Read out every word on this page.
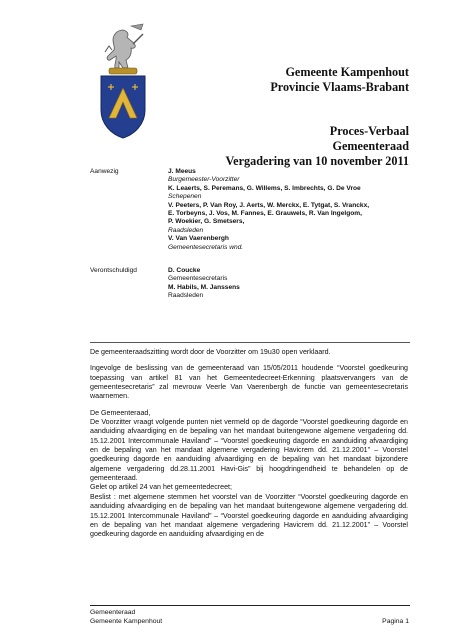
Gemeente Kampenhout
Provincie Vlaams-Brabant
Proces-Verbaal
Gemeenteraad
Vergadering van 10 november 2011
Aanwezig	J. Meeus
Burgemeester-Voorzitter
K. Leaerts, S. Peremans, G. Willems, S. Imbrechts, G. De Vroe
Schepenen
V. Peeters, P. Van Roy, J. Aerts, W. Merckx, E. Tytgat, S. Vranckx,
E. Torbeyns, J. Vos, M. Fannes, E. Grauwels, R. Van Ingelgom,
P. Woekier, G. Smetsers,
Raadsleden
V. Van Vaerenbergh
Gemeentesecretaris wnd.
Verontschuldigd	D. Coucke
Gemeentesecretaris
M. Habils, M. Janssens
Raadsleden

De gemeenteraadszitting wordt door de Voorzitter om 19u30 open verklaard.

Ingevolge de beslissing van de gemeenteraad van 15/05/2011 houdende “Voorstel goedkeuring toepassing van artikel 81 van het Gemeentedecreet-Erkenning plaatsvervangers van de gemeentesecretaris” zal mevrouw Veerle Van Vaerenbergh de functie van gemeentesecretaris waarnemen.

De Gemeenteraad,

De Voorzitter vraagt volgende punten niet vermeld op de dagorde “Voorstel goedkeuring dagorde en aanduiding afvaardiging en de bepaling van het mandaat buitengewone algemene vergadering dd. 15.12.2001 Intercommunale Haviland” – “Voorstel goedkeuring dagorde en aanduiding afvaardiging en de bepaling van het mandaat algemene vergadering Havicrem dd. 21.12.2001” – Voorstel goedkeuring dagorde en aanduiding afvaardiging en de bepaling van het mandaat bijzondere algemene vergadering dd.28.11.2001 Havi-Gis” bij hoogdringendheid te behandelen op de gemeenteraad.

Gelet op artikel 24 van het gemeentedecreet;

Beslist : met algemene stemmen het voorstel van de Voorzitter “Voorstel goedkeuring dagorde en aanduiding afvaardiging en de bepaling van het mandaat buitengewone algemene vergadering dd. 15.12.2001 Intercommunale Haviland” – “Voorstel goedkeuring dagorde en aanduiding afvaardiging en de bepaling van het mandaat algemene vergadering Havicrem dd. 21.12.2001” – Voorstel goedkeuring dagorde en aanduiding afvaardiging en de

Gemeenteraad
Gemeente Kampenhout	Pagina 1
